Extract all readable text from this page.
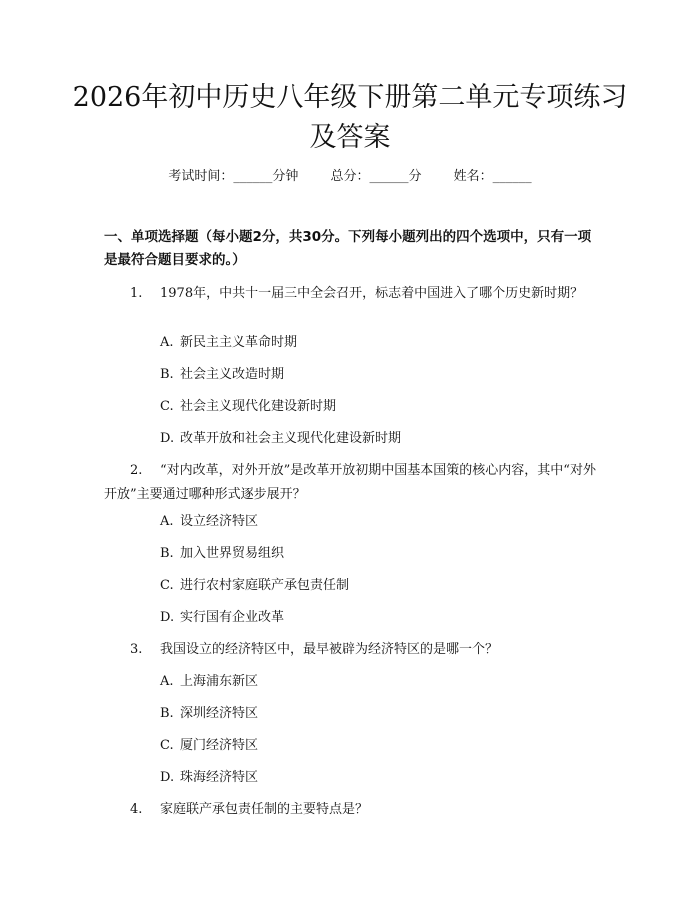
2026年初中历史八年级下册第二单元专项练习及答案
考试时间：______分钟 总分：______分 姓名：______

一、单项选择题（每小题2分，共30分。下列每小题列出的四个选项中，只有一项是最符合题目要求的。）

1. 1978年，中共十一届三中全会召开，标志着中国进入了哪个历史新时期？

A. 新民主主义革命时期
B. 社会主义改造时期
C. 社会主义现代化建设新时期
D. 改革开放和社会主义现代化建设新时期

2. “对内改革，对外开放”是改革开放初期中国基本国策的核心内容，其中“对外开放”主要通过哪种形式逐步展开？

A. 设立经济特区
B. 加入世界贸易组织
C. 进行农村家庭联产承包责任制
D. 实行国有企业改革

3. 我国设立的经济特区中，最早被辟为经济特区的是哪一个？

A. 上海浦东新区
B. 深圳经济特区
C. 厦门经济特区
D. 珠海经济特区

4. 家庭联产承包责任制的主要特点是？
